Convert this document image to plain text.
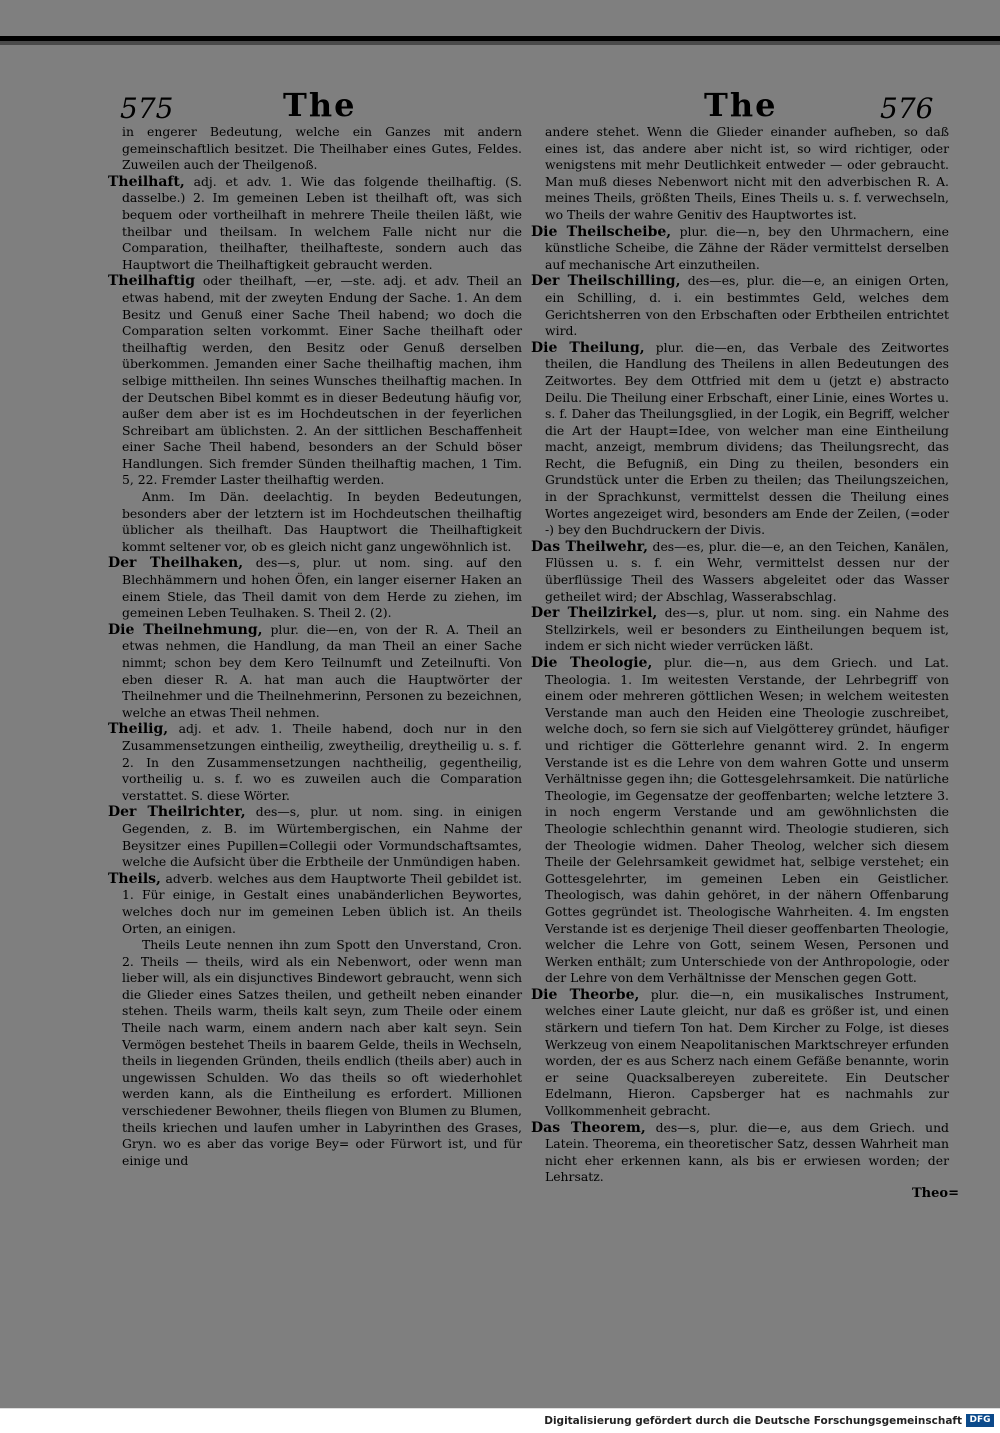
575	The	The	576

in engerer Bedeutung, welche ein Ganzes mit andern gemeinschaftlich besitzet. Die Theilhaber eines Gutes, Feldes. Zuweilen auch der Theilgenoß.

Theilhaft, adj. et adv. 1. Wie das folgende theilhaftig. (S. dasselbe.) 2. Im gemeinen Leben ist theilhaft oft, was sich bequem oder vortheilhaft in mehrere Theile theilen läßt, wie theilbar und theilsam. In welchem Falle nicht nur die Comparation, theilhafter, theilhafteste, sondern auch das Hauptwort die Theilhaftigkeit gebraucht werden.

Theilhaftig oder theilhaft, —er, —ste. adj. et adv. Theil an etwas habend, mit der zweyten Endung der Sache. 1. An dem Besitz und Genuß einer Sache Theil habend; wo doch die Comparation selten vorkommt. Einer Sache theilhaft oder theilhaftig werden, den Besitz oder Genuß derselben überkommen. Jemanden einer Sache theilhaftig machen, ihm selbige mittheilen. Ihn seines Wunsches theilhaftig machen. In der Deutschen Bibel kommt es in dieser Bedeutung häufig vor, außer dem aber ist es im Hochdeutschen in der feyerlichen Schreibart am üblichsten. 2. An der sittlichen Beschaffenheit einer Sache Theil habend, besonders an der Schuld böser Handlungen. Sich fremder Sünden theilhaftig machen, 1 Tim. 5, 22. Fremder Laster theilhaftig werden.

Anm. Im Dän. deelachtig. In beyden Bedeutungen, besonders aber der letztern ist im Hochdeutschen theilhaftig üblicher als theilhaft. Das Hauptwort die Theilhaftigkeit kommt seltener vor, ob es gleich nicht ganz ungewöhnlich ist.

Der Theilhaken, des—s, plur. ut nom. sing. auf den Blechhämmern und hohen Öfen, ein langer eiserner Haken an einem Stiele, das Theil damit von dem Herde zu ziehen, im gemeinen Leben Teulhaken. S. Theil 2. (2).

Die Theilnehmung, plur. die—en, von der R. A. Theil an etwas nehmen, die Handlung, da man Theil an einer Sache nimmt; schon bey dem Kero Teilnumft und Zeteilnufti. Von eben dieser R. A. hat man auch die Hauptwörter der Theilnehmer und die Theilnehmerinn, Personen zu bezeichnen, welche an etwas Theil nehmen.

Theilig, adj. et adv. 1. Theile habend, doch nur in den Zusammensetzungen eintheilig, zweytheilig, dreytheilig u. s. f. 2. In den Zusammensetzungen nachtheilig, gegentheilig, vortheilig u. s. f. wo es zuweilen auch die Comparation verstattet. S. diese Wörter.

Der Theilrichter, des—s, plur. ut nom. sing. in einigen Gegenden, z. B. im Würtembergischen, ein Nahme der Beysitzer eines Pupillen=Collegii oder Vormundschaftsamtes, welche die Aufsicht über die Erbtheile der Unmündigen haben.

Theils, adverb. welches aus dem Hauptworte Theil gebildet ist. 1. Für einige, in Gestalt eines unabänderlichen Beywortes, welches doch nur im gemeinen Leben üblich ist. An theils Orten, an einigen.

Theils Leute nennen ihn zum Spott den Unverstand, Cron. 2. Theils — theils, wird als ein Nebenwort, oder wenn man lieber will, als ein disjunctives Bindewort gebraucht, wenn sich die Glieder eines Satzes theilen, und getheilt neben einander stehen. Theils warm, theils kalt seyn, zum Theile oder einem Theile nach warm, einem andern nach aber kalt seyn. Sein Vermögen bestehet Theils in baarem Gelde, theils in Wechseln, theils in liegenden Gründen, theils endlich (theils aber) auch in ungewissen Schulden. Wo das theils so oft wiederhohlet werden kann, als die Eintheilung es erfordert. Millionen verschiedener Bewohner, theils fliegen von Blumen zu Blumen, theils kriechen und laufen umher in Labyrinthen des Grases, Gryn. wo es aber das vorige Bey= oder Fürwort ist, und für einige und

andere stehet. Wenn die Glieder einander aufheben, so daß eines ist, das andere aber nicht ist, so wird richtiger, oder wenigstens mit mehr Deutlichkeit entweder — oder gebraucht. Man muß dieses Nebenwort nicht mit den adverbischen R. A. meines Theils, größten Theils, Eines Theils u. s. f. verwechseln, wo Theils der wahre Genitiv des Hauptwortes ist.

Die Theilscheibe, plur. die—n, bey den Uhrmachern, eine künstliche Scheibe, die Zähne der Räder vermittelst derselben auf mechanische Art einzutheilen.

Der Theilschilling, des—es, plur. die—e, an einigen Orten, ein Schilling, d. i. ein bestimmtes Geld, welches dem Gerichtsherren von den Erbschaften oder Erbtheilen entrichtet wird.

Die Theilung, plur. die—en, das Verbale des Zeitwortes theilen, die Handlung des Theilens in allen Bedeutungen des Zeitwortes. Bey dem Ottfried mit dem u (jetzt e) abstracto Deilu. Die Theilung einer Erbschaft, einer Linie, eines Wortes u. s. f. Daher das Theilungsglied, in der Logik, ein Begriff, welcher die Art der Haupt=Idee, von welcher man eine Eintheilung macht, anzeigt, membrum dividens; das Theilungsrecht, das Recht, die Befugniß, ein Ding zu theilen, besonders ein Grundstück unter die Erben zu theilen; das Theilungszeichen, in der Sprachkunst, vermittelst dessen die Theilung eines Wortes angezeiget wird, besonders am Ende der Zeilen, (=oder -) bey den Buchdruckern der Divis.

Das Theilwehr, des—es, plur. die—e, an den Teichen, Kanälen, Flüssen u. s. f. ein Wehr, vermittelst dessen nur der überflüssige Theil des Wassers abgeleitet oder das Wasser getheilet wird; der Abschlag, Wasserabschlag.

Der Theilzirkel, des—s, plur. ut nom. sing. ein Nahme des Stellzirkels, weil er besonders zu Eintheilungen bequem ist, indem er sich nicht wieder verrücken läßt.

Die Theologie, plur. die—n, aus dem Griech. und Lat. Theologia. 1. Im weitesten Verstande, der Lehrbegriff von einem oder mehreren göttlichen Wesen; in welchem weitesten Verstande man auch den Heiden eine Theologie zuschreibet, welche doch, so fern sie sich auf Vielgötterey gründet, häufiger und richtiger die Götterlehre genannt wird. 2. In engerm Verstande ist es die Lehre von dem wahren Gotte und unserm Verhältnisse gegen ihn; die Gottesgelehrsamkeit. Die natürliche Theologie, im Gegensatze der geoffenbarten; welche letztere 3. in noch engerm Verstande und am gewöhnlichsten die Theologie schlechthin genannt wird. Theologie studieren, sich der Theologie widmen. Daher Theolog, welcher sich diesem Theile der Gelehrsamkeit gewidmet hat, selbige verstehet; ein Gottesgelehrter, im gemeinen Leben ein Geistlicher. Theologisch, was dahin gehöret, in der nähern Offenbarung Gottes gegründet ist. Theologische Wahrheiten. 4. Im engsten Verstande ist es derjenige Theil dieser geoffenbarten Theologie, welcher die Lehre von Gott, seinem Wesen, Personen und Werken enthält; zum Unterschiede von der Anthropologie, oder der Lehre von dem Verhältnisse der Menschen gegen Gott.

Die Theorbe, plur. die—n, ein musikalisches Instrument, welches einer Laute gleicht, nur daß es größer ist, und einen stärkern und tiefern Ton hat. Dem Kircher zu Folge, ist dieses Werkzeug von einem Neapolitanischen Marktschreyer erfunden worden, der es aus Scherz nach einem Gefäße benannte, worin er seine Quacksalbereyen zubereitete. Ein Deutscher Edelmann, Hieron. Capsberger hat es nachmahls zur Vollkommenheit gebracht.

Das Theorem, des—s, plur. die—e, aus dem Griech. und Latein. Theorema, ein theoretischer Satz, dessen Wahrheit man nicht eher erkennen kann, als bis er erwiesen worden; der Lehrsatz.

Theo=
Digitalisierung gefördert durch die Deutsche Forschungsgemeinschaft DFG
